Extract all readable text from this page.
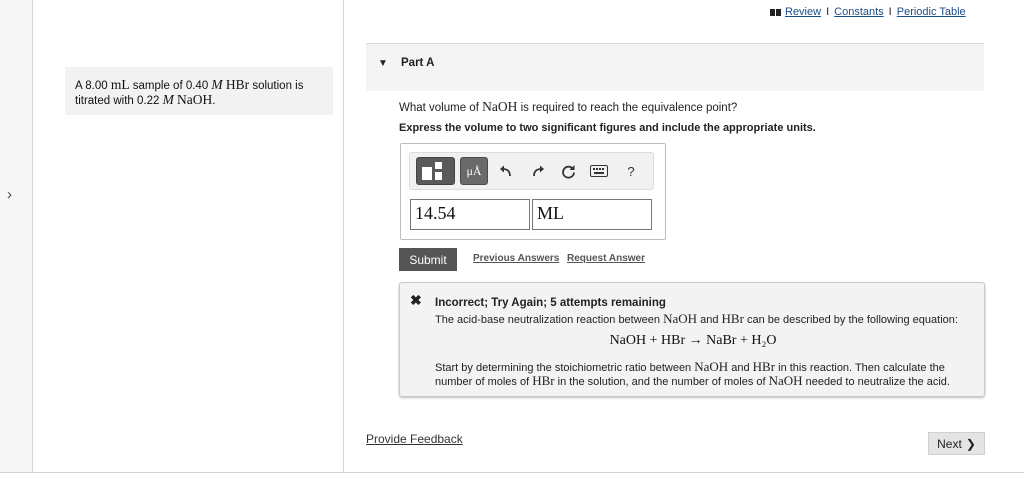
›
A 8.00 mL sample of 0.40 M HBr solution is titrated with 0.22 M NaOH.
Review I Constants I Periodic Table
▼ Part A
What volume of NaOH is required to reach the equivalence point?
Express the volume to two significant figures and include the appropriate units.
μÅ	?
14.54	ML
Submit	Previous Answers Request Answer
✖ Incorrect; Try Again; 5 attempts remaining
The acid-base neutralization reaction between NaOH and HBr can be described by the following equation:
NaOH + HBr → NaBr + H₂O
Start by determining the stoichiometric ratio between NaOH and HBr in this reaction. Then calculate the
number of moles of HBr in the solution, and the number of moles of NaOH needed to neutralize the acid.
Provide Feedback	Next ❯
